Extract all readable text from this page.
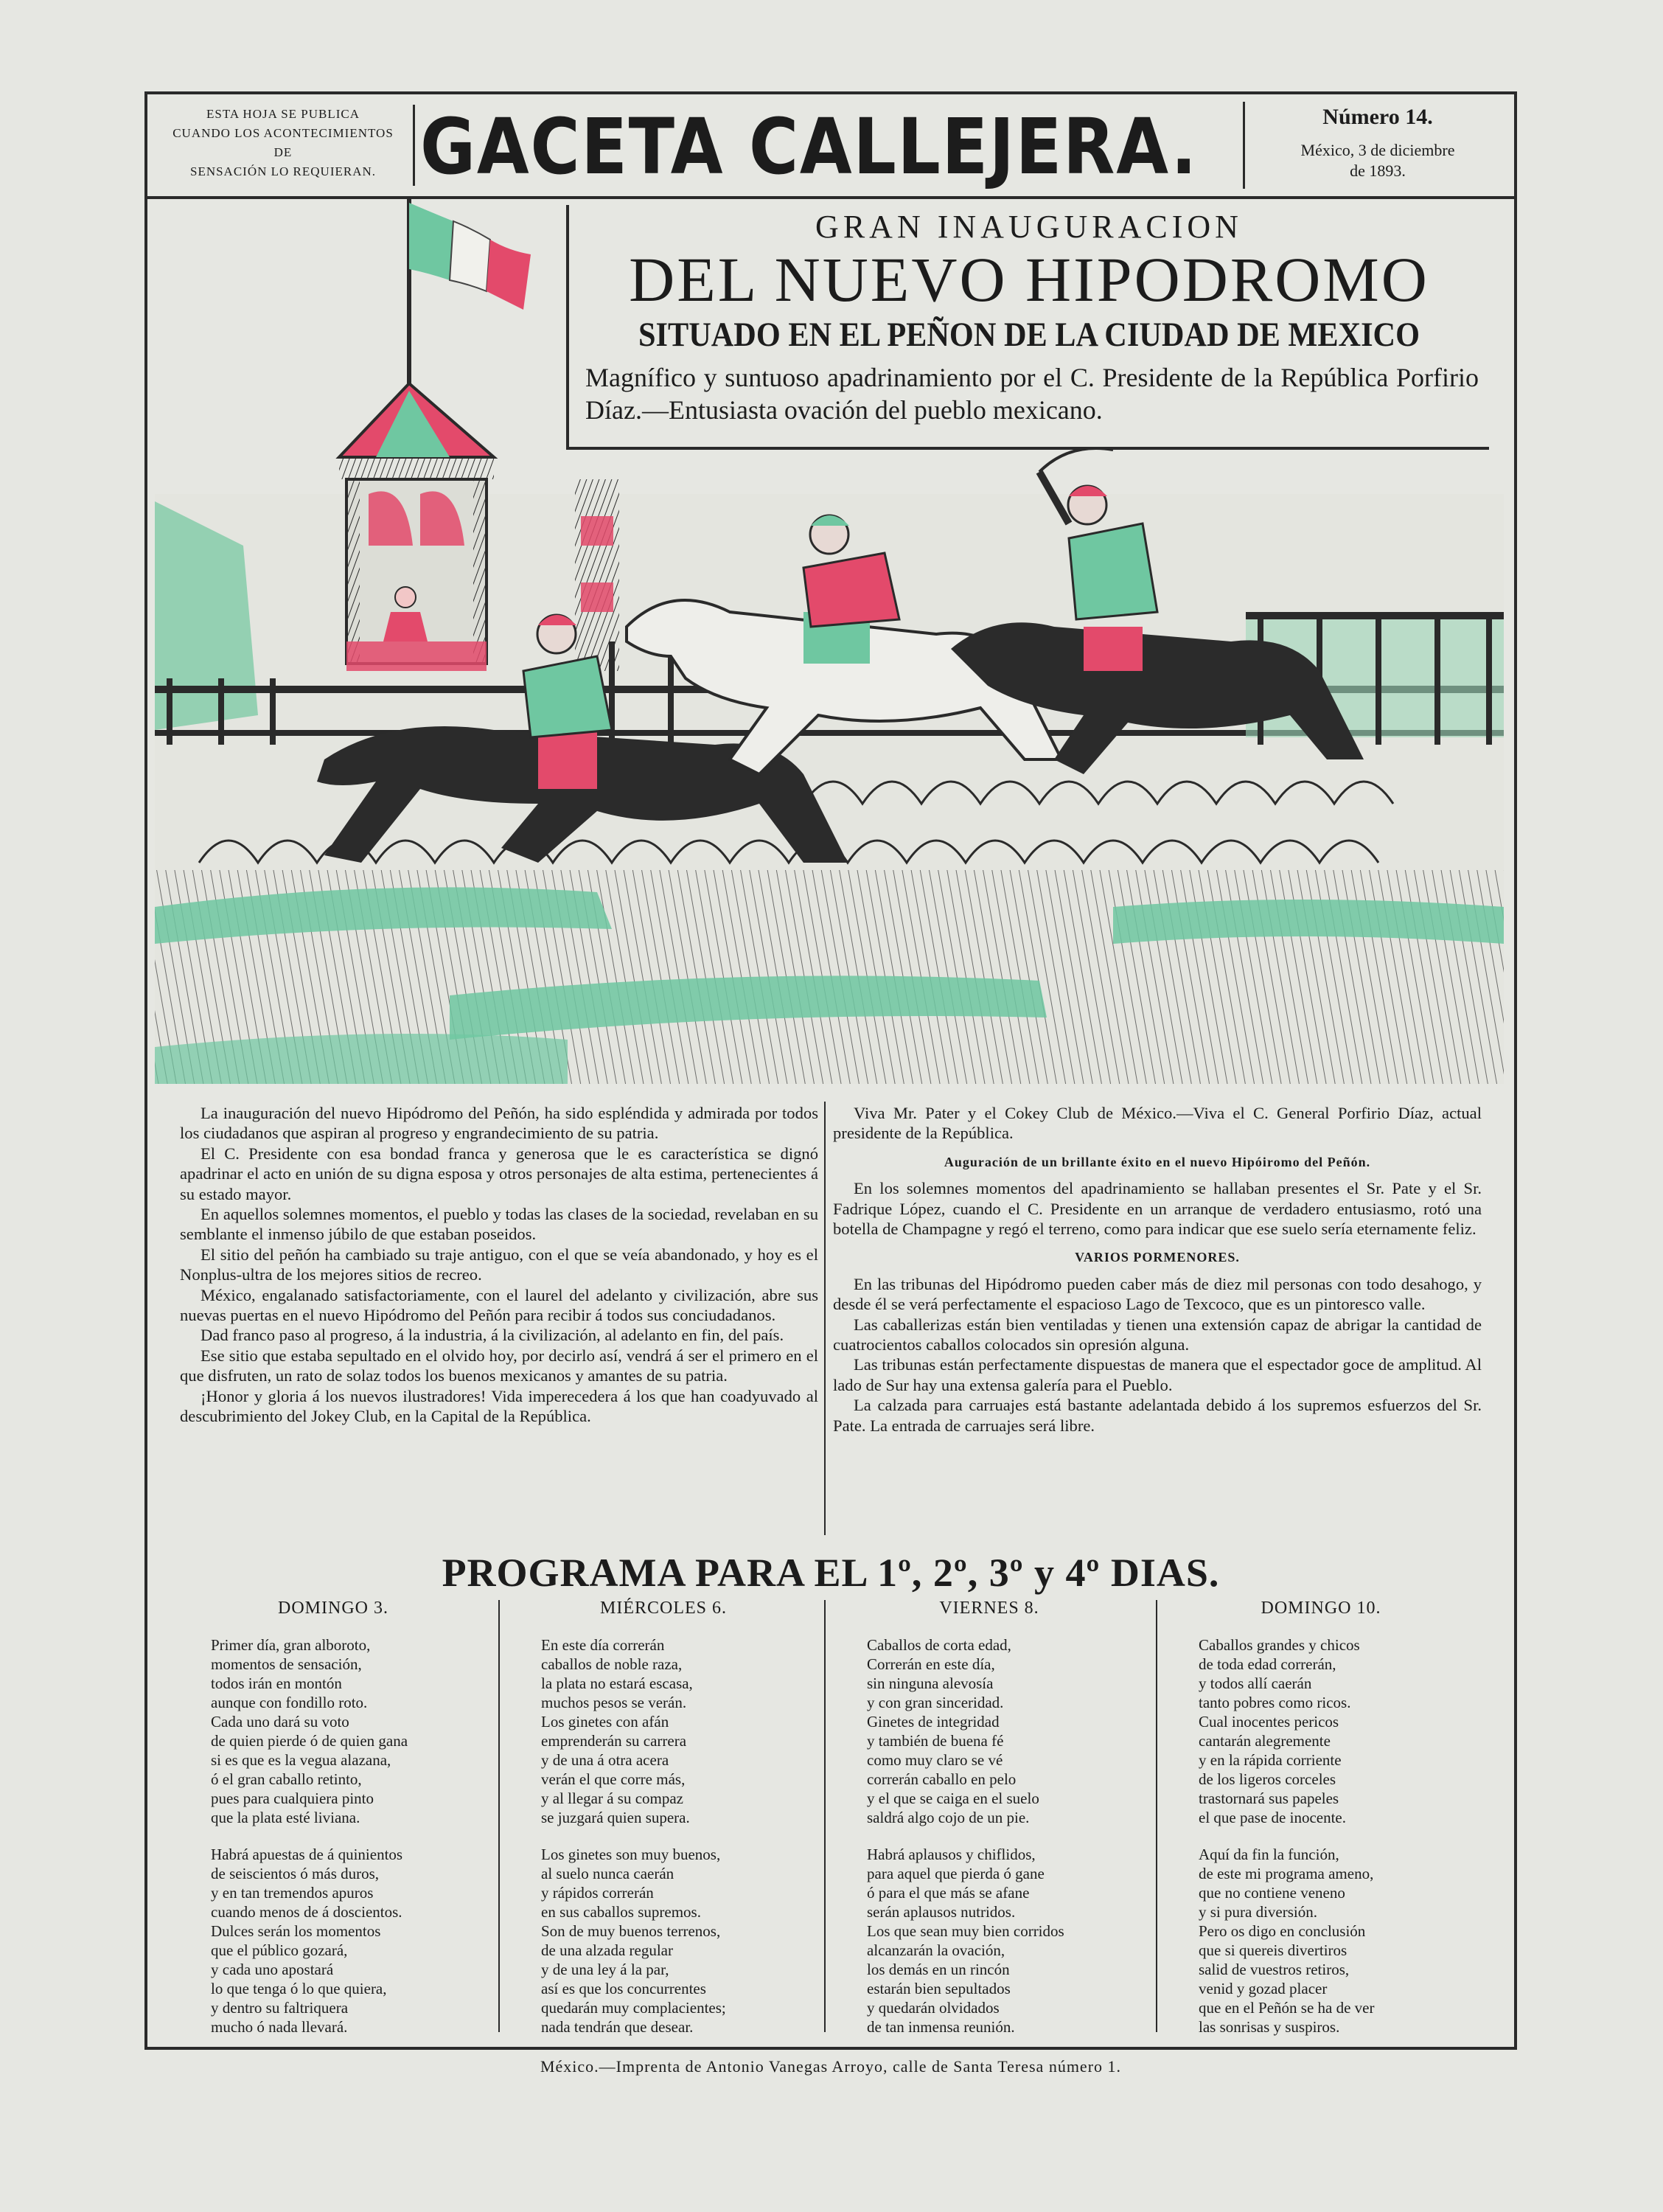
ESTA HOJA SE PUBLICA
CUANDO LOS ACONTECIMIENTOS
DE
SENSACIÓN LO REQUIERAN. GACETA CALLEJERA.	Número 14.
México, 3 de diciembre
de 1893.
GRAN INAUGURACION
DEL NUEVO HIPODROMO
SITUADO EN EL PEÑON DE LA CIUDAD DE MEXICO
Magnífico y suntuoso apadrinamiento por el C. Presidente de la República Porfirio Díaz.—Entusiasta ovación del pueblo mexicano.

La inauguración del nuevo Hipódromo del Peñón, ha sido espléndida y admirada por todos los ciudadanos que aspiran al progreso y engrandecimiento de su patria.

El C. Presidente con esa bondad franca y generosa que le es característica se dignó apadrinar el acto en unión de su digna esposa y otros personajes de alta estima, pertenecientes á su estado mayor.

En aquellos solemnes momentos, el pueblo y todas las clases de la sociedad, revelaban en su semblante el inmenso júbilo de que estaban poseidos.

El sitio del peñón ha cambiado su traje antiguo, con el que se veía abandonado, y hoy es el Nonplus-ultra de los mejores sitios de recreo.

México, engalanado satisfactoriamente, con el laurel del adelanto y civilización, abre sus nuevas puertas en el nuevo Hipódromo del Peñón para recibir á todos sus conciudadanos.

Dad franco paso al progreso, á la industria, á la civilización, al adelanto en fin, del país.

Ese sitio que estaba sepultado en el olvido hoy, por decirlo así, vendrá á ser el primero en el que disfruten, un rato de solaz todos los buenos mexicanos y amantes de su patria.

¡Honor y gloria á los nuevos ilustradores! Vida imperecedera á los que han coadyuvado al descubrimiento del Jokey Club, en la Capital de la República.

Viva Mr. Pater y el Cokey Club de México.—Viva el C. General Porfirio Díaz, actual presidente de la República.

Auguración de un brillante éxito en el nuevo Hipóiromo del Peñón.

En los solemnes momentos del apadrinamiento se hallaban presentes el Sr. Pate y el Sr. Fadrique López, cuando el C. Presidente en un arranque de verdadero entusiasmo, rotó una botella de Champagne y regó el terreno, como para indicar que ese suelo sería eternamente feliz.

VARIOS PORMENORES.

En las tribunas del Hipódromo pueden caber más de diez mil personas con todo desahogo, y desde él se verá perfectamente el espacioso Lago de Texcoco, que es un pintoresco valle.

Las caballerizas están bien ventiladas y tienen una extensión capaz de abrigar la cantidad de cuatrocientos caballos colocados sin opresión alguna.

Las tribunas están perfectamente dispuestas de manera que el espectador goce de amplitud. Al lado de Sur hay una extensa galería para el Pueblo.

La calzada para carruajes está bastante adelantada debido á los supremos esfuerzos del Sr. Pate. La entrada de carruajes será libre.

PROGRAMA PARA EL 1º, 2º, 3º y 4º DIAS.
DOMINGO 3.
Primer día, gran alboroto,
momentos de sensación,
todos irán en montón
aunque con fondillo roto.
Cada uno dará su voto
de quien pierde ó de quien gana
si es que es la vegua alazana,
ó el gran caballo retinto,
pues para cualquiera pinto
que la plata esté liviana.
Habrá apuestas de á quinientos
de seiscientos ó más duros,
y en tan tremendos apuros
cuando menos de á doscientos.
Dulces serán los momentos
que el público gozará,
y cada uno apostará
lo que tenga ó lo que quiera,
y dentro su faltriquera
mucho ó nada llevará.
MIÉRCOLES 6.
En este día correrán
caballos de noble raza,
la plata no estará escasa,
muchos pesos se verán.
Los ginetes con afán
emprenderán su carrera
y de una á otra acera
verán el que corre más,
y al llegar á su compaz
se juzgará quien supera.
Los ginetes son muy buenos,
al suelo nunca caerán
y rápidos correrán
en sus caballos supremos.
Son de muy buenos terrenos,
de una alzada regular
y de una ley á la par,
así es que los concurrentes
quedarán muy complacientes;
nada tendrán que desear.
VIERNES 8.
Caballos de corta edad,
Correrán en este día,
sin ninguna alevosía
y con gran sinceridad.
Ginetes de integridad
y también de buena fé
como muy claro se vé
correrán caballo en pelo
y el que se caiga en el suelo
saldrá algo cojo de un pie.
Habrá aplausos y chiflidos,
para aquel que pierda ó gane
ó para el que más se afane
serán aplausos nutridos.
Los que sean muy bien corridos
alcanzarán la ovación,
los demás en un rincón
estarán bien sepultados
y quedarán olvidados
de tan inmensa reunión.
DOMINGO 10.
Caballos grandes y chicos
de toda edad correrán,
y todos allí caerán
tanto pobres como ricos.
Cual inocentes pericos
cantarán alegremente
y en la rápida corriente
de los ligeros corceles
trastornará sus papeles
el que pase de inocente.
Aquí da fin la función,
de este mi programa ameno,
que no contiene veneno
y si pura diversión.
Pero os digo en conclusión
que si quereis divertiros
salid de vuestros retiros,
venid y gozad placer
que en el Peñón se ha de ver
las sonrisas y suspiros.
México.—Imprenta de Antonio Vanegas Arroyo, calle de Santa Teresa número 1.
